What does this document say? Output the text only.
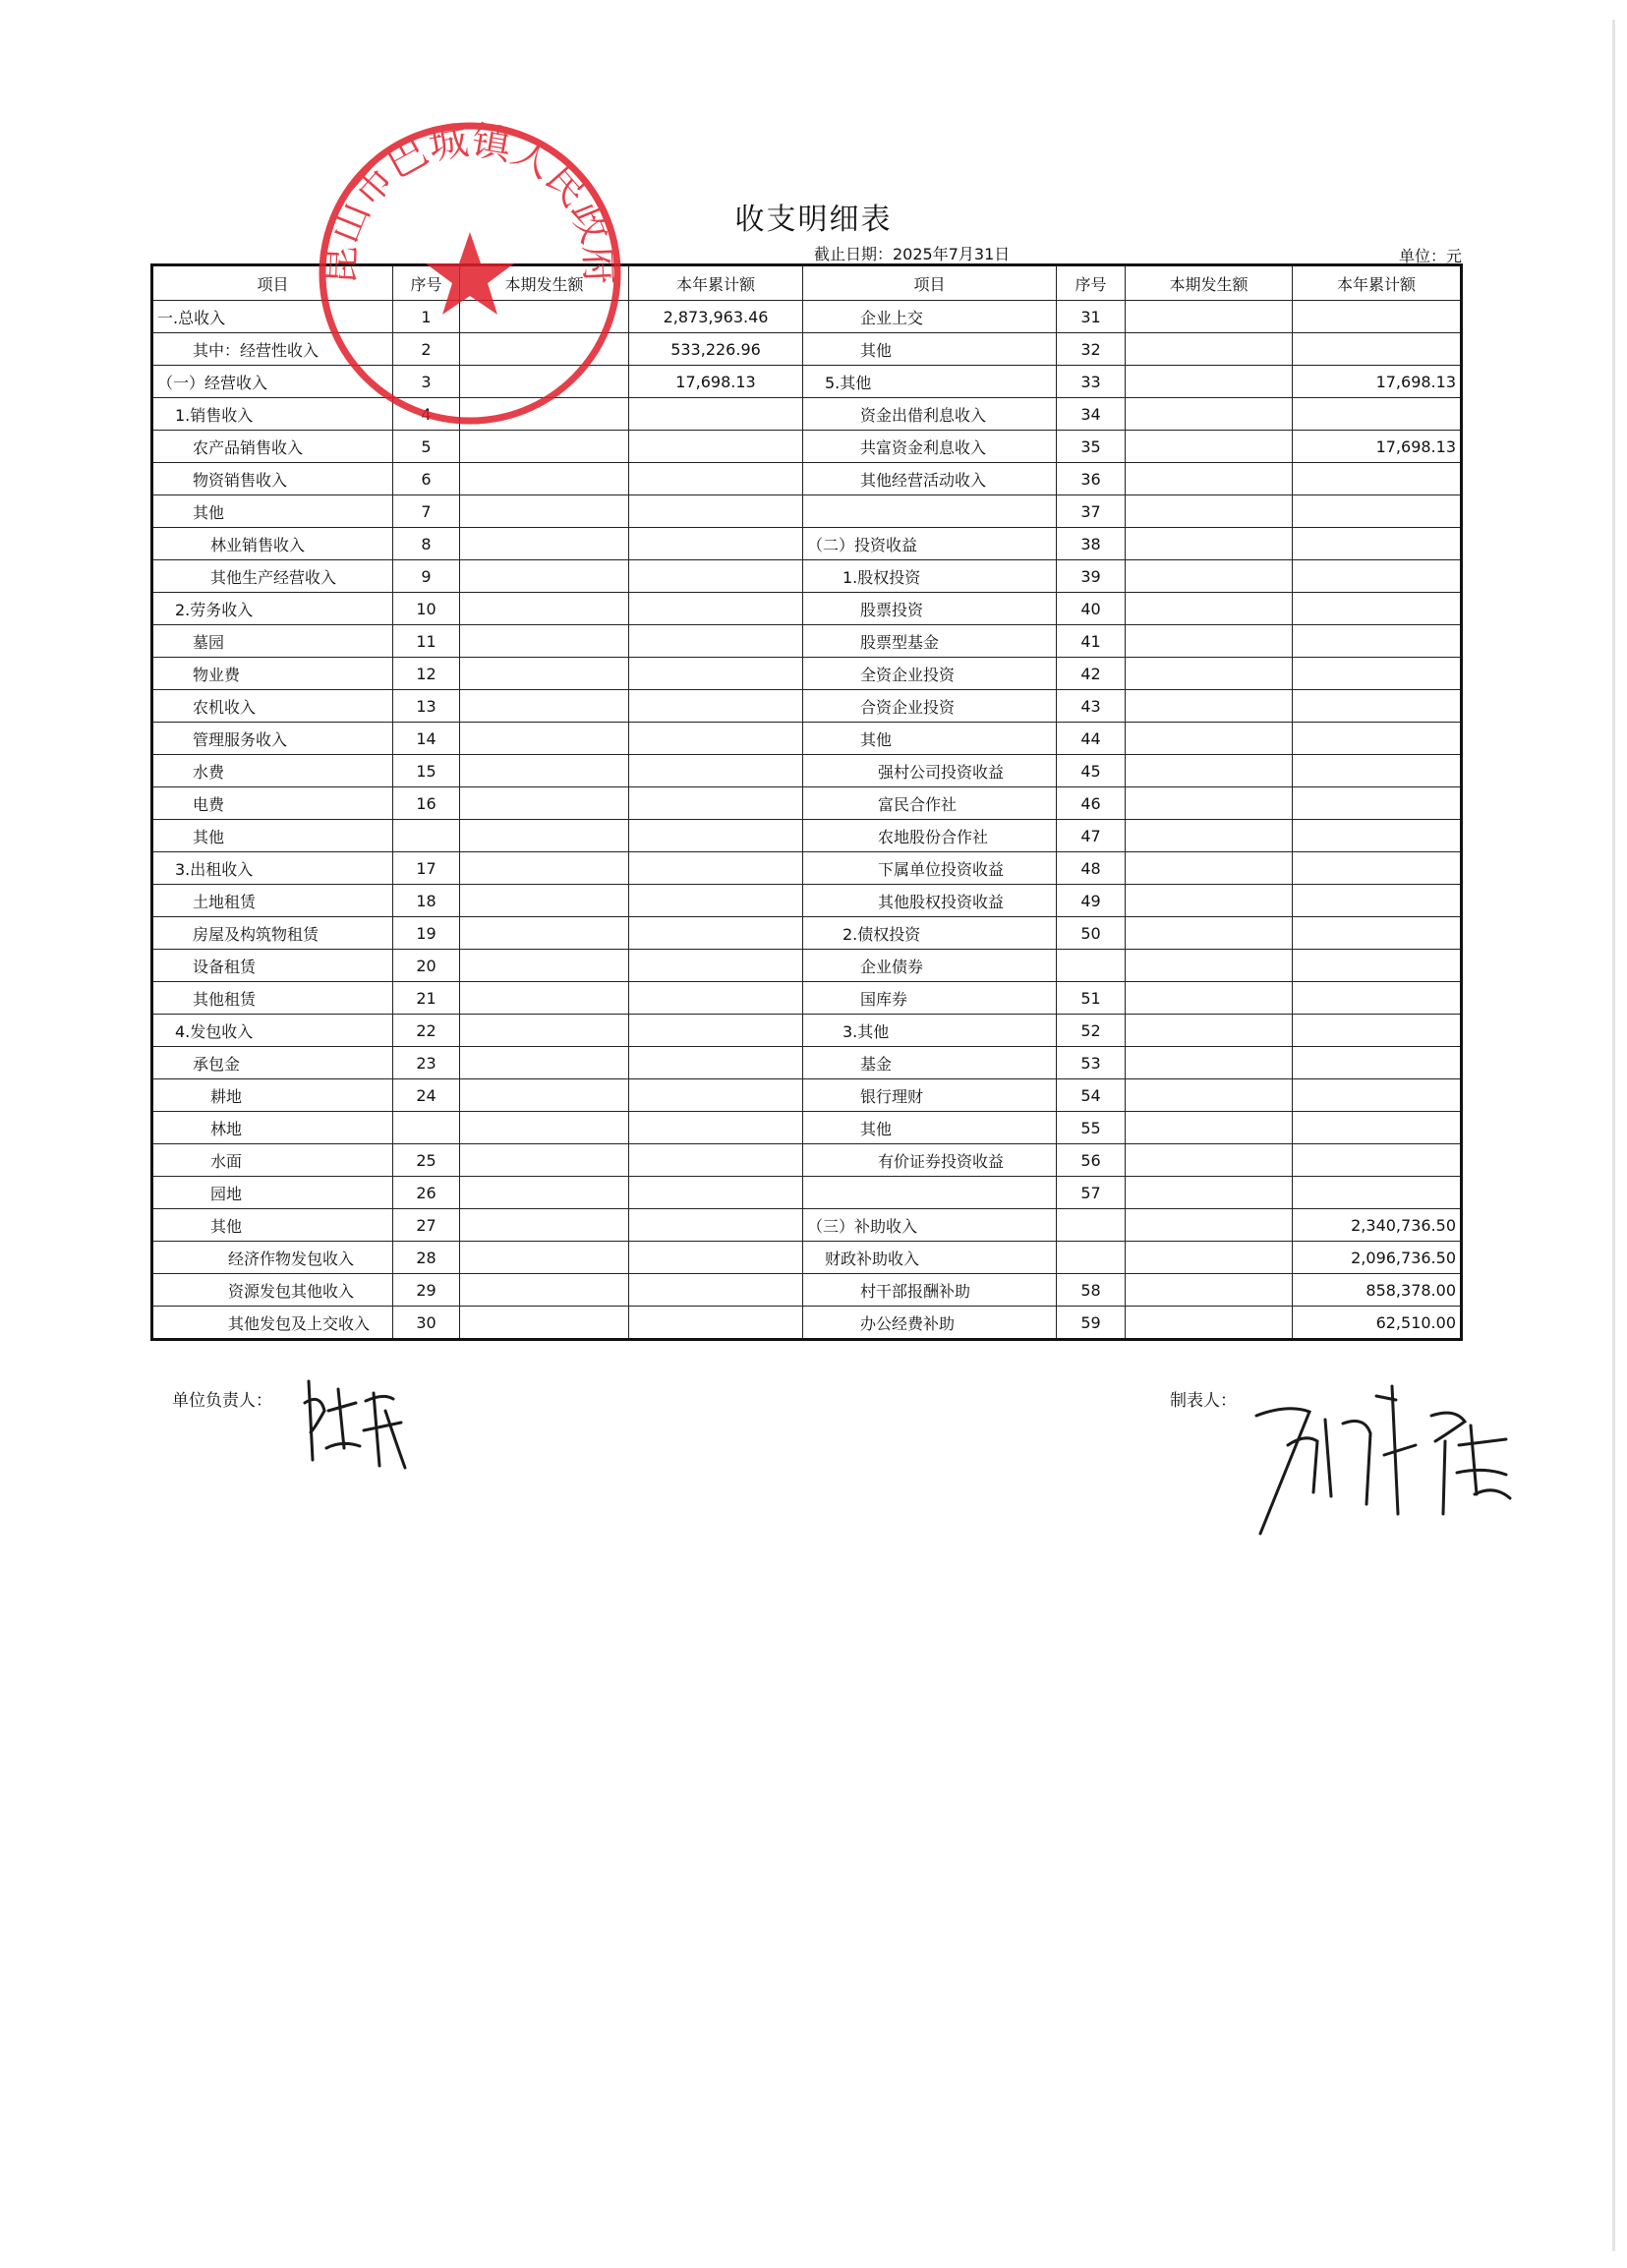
收支明细表
截止日期：2025年7月31日	单位：元
项目	序号	本期发生额	本年累计额	项目	序号	本期发生额	本年累计额
一.总收入	1		2,873,963.46	企业上交	31		
其中：经营性收入	2		533,226.96	其他	32		
（一）经营收入	3		17,698.13	5.其他	33		17,698.13
1.销售收入	4			资金出借利息收入	34		
农产品销售收入	5			共富资金利息收入	35		17,698.13
物资销售收入	6			其他经营活动收入	36		
其他	7				37		
林业销售收入	8			（二）投资收益	38		
其他生产经营收入	9			1.股权投资	39		
2.劳务收入	10			股票投资	40		
墓园	11			股票型基金	41		
物业费	12			全资企业投资	42		
农机收入	13			合资企业投资	43		
管理服务收入	14			其他	44		
水费	15			强村公司投资收益	45		
电费	16			富民合作社	46		
其他				农地股份合作社	47		
3.出租收入	17			下属单位投资收益	48		
土地租赁	18			其他股权投资收益	49		
房屋及构筑物租赁	19			2.债权投资	50		
设备租赁	20			企业债券			
其他租赁	21			国库券	51		
4.发包收入	22			3.其他	52		
承包金	23			基金	53		
耕地	24			银行理财	54		
林地				其他	55		
水面	25			有价证券投资收益	56		
园地	26				57		
其他	27			（三）补助收入			2,340,736.50
经济作物发包收入	28			财政补助收入			2,096,736.50
资源发包其他收入	29			村干部报酬补助	58		858,378.00
其他发包及上交收入	30			办公经费补助	59		62,510.00
单位负责人：	制表人：
昆山市巴城镇人民政府
